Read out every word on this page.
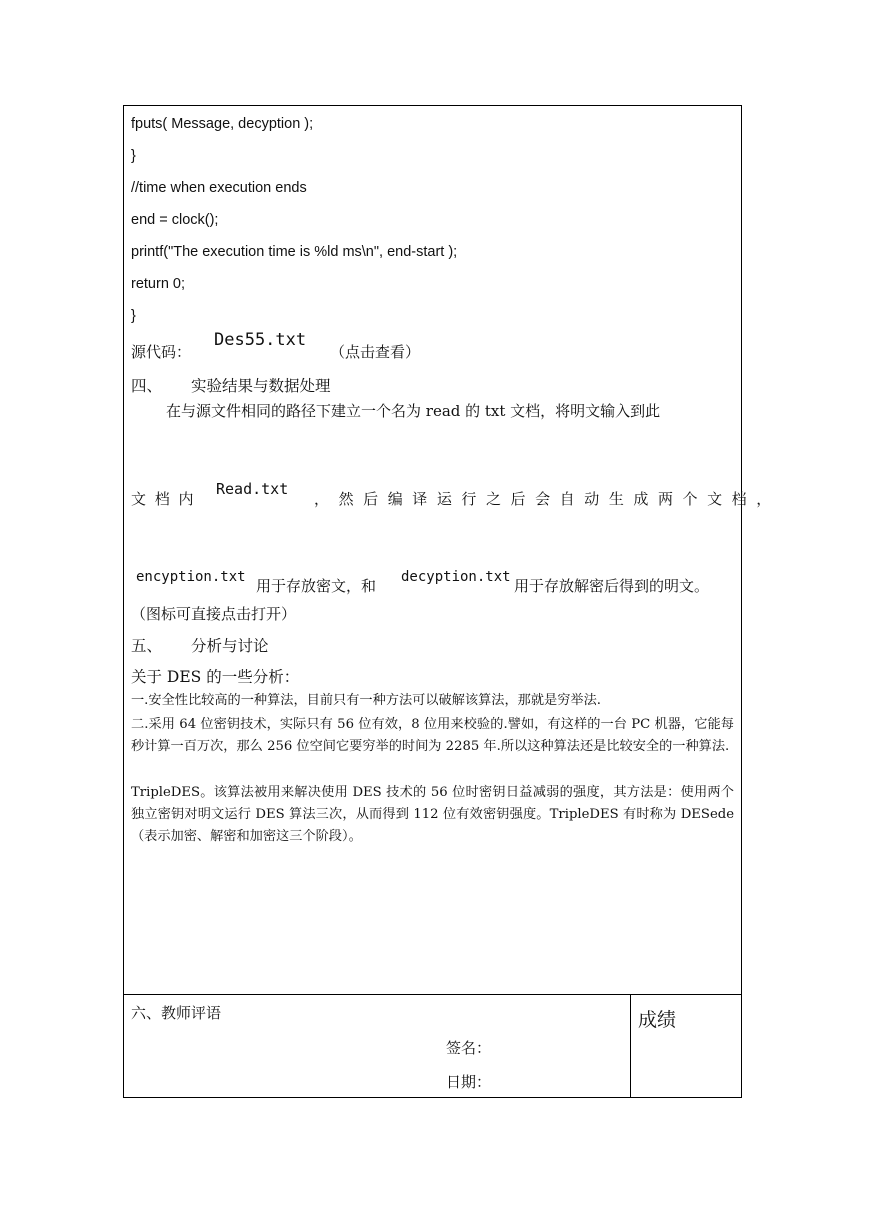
fputs( Message, decyption );
}
//time when execution ends
end = clock();
printf("The execution time is %ld ms\n", end-start );
return 0;
}
源代码：
Des55.txt
（点击查看）
四、 实验结果与数据处理
在与源文件相同的路径下建立一个名为 read 的 txt 文档，将明文输入到此
文 档 内
Read.txt
， 然 后 编 译 运 行 之 后 会 自 动 生 成 两 个 文 档 ，
encyption.txt 用于存放密文，和 decyption.txt 用于存放解密后得到的明文。
（图标可直接点击打开）
五、 分析与讨论
关于 DES 的一些分析：
一.安全性比较高的一种算法，目前只有一种方法可以破解该算法，那就是穷举法.
二.采用 64 位密钥技术，实际只有 56 位有效，8 位用来校验的.譬如，有这样的一台 PC 机器，它能每秒计算一百万次，那么 256 位空间它要穷举的时间为 2285 年.所以这种算法还是比较安全的一种算法.
TripleDES。该算法被用来解决使用 DES 技术的 56 位时密钥日益减弱的强度，其方法是：使用两个独立密钥对明文运行 DES 算法三次，从而得到 112 位有效密钥强度。TripleDES 有时称为 DESede（表示加密、解密和加密这三个阶段）。
六、教师评语
签名：
日期：
成绩
